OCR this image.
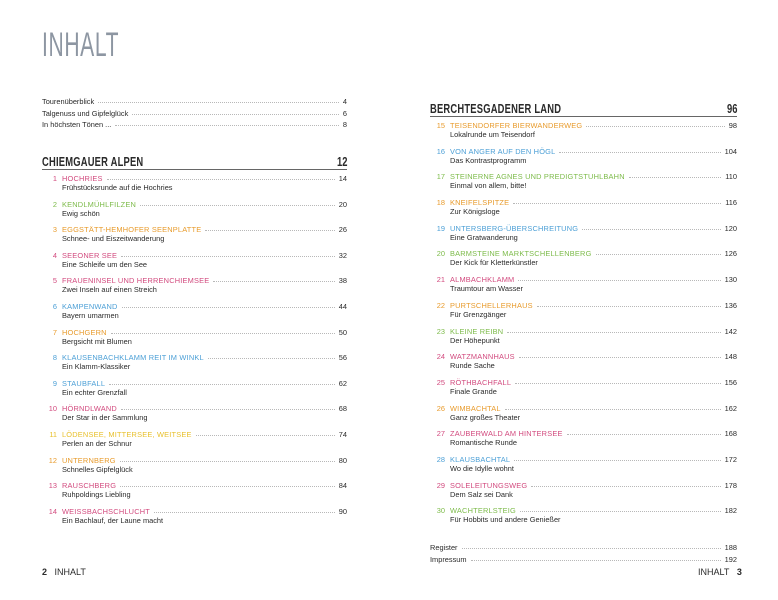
INHALT
Tourenüberblick	4
Talgenuss und Gipfelglück	6
In höchsten Tönen ...	8
CHIEMGAUER ALPEN	12
1 HOCHRIES	14
Frühstücksrunde auf die Hochries
2 KENDLMÜHLFILZEN	20
Ewig schön
3 EGGSTÄTT-HEMHOFER SEENPLATTE	26
Schnee- und Eiszeitwanderung
4 SEEONER SEE	32
Eine Schleife um den See
5 FRAUENINSEL UND HERRENCHIEMSEE	38
Zwei Inseln auf einen Streich
6 KAMPENWAND	44
Bayern umarmen
7 HOCHGERN	50
Bergsicht mit Blumen
8 KLAUSENBACHKLAMM REIT IM WINKL	56
Ein Klamm-Klassiker
9 STAUBFALL	62
Ein echter Grenzfall
10 HÖRNDLWAND	68
Der Star in der Sammlung
11 LÖDENSEE, MITTERSEE, WEITSEE	74
Perlen an der Schnur
12 UNTERNBERG	80
Schnelles Gipfelglück
13 RAUSCHBERG	84
Ruhpoldings Liebling
14 WEISSBACHSCHLUCHT	90
Ein Bachlauf, der Laune macht
BERCHTESGADENER LAND	96
15 TEISENDORFER BIERWANDERWEG	98
Lokalrunde um Teisendorf
16 VON ANGER AUF DEN HÖGL	104
Das Kontrastprogramm
17 STEINERNE AGNES UND PREDIGTSTUHLBAHN	110
Einmal von allem, bitte!
18 KNEIFELSPITZE	116
Zur Königsloge
19 UNTERSBERG-ÜBERSCHREITUNG	120
Eine Gratwanderung
20 BARMSTEINE MARKTSCHELLENBERG	126
Der Kick für Kletterkünstler
21 ALMBACHKLAMM	130
Traumtour am Wasser
22 PURTSCHELLERHAUS	136
Für Grenzgänger
23 KLEINE REIBN	142
Der Höhepunkt
24 WATZMANNHAUS	148
Runde Sache
25 RÖTHBACHFALL	156
Finale Grande
26 WIMBACHTAL	162
Ganz großes Theater
27 ZAUBERWALD AM HINTERSEE	168
Romantische Runde
28 KLAUSBACHTAL	172
Wo die Idylle wohnt
29 SOLELEITUNGSWEG	178
Dem Salz sei Dank
30 WACHTERLSTEIG	182
Für Hobbits und andere Genießer
Register	188
Impressum	192
2 INHALT	INHALT 3
